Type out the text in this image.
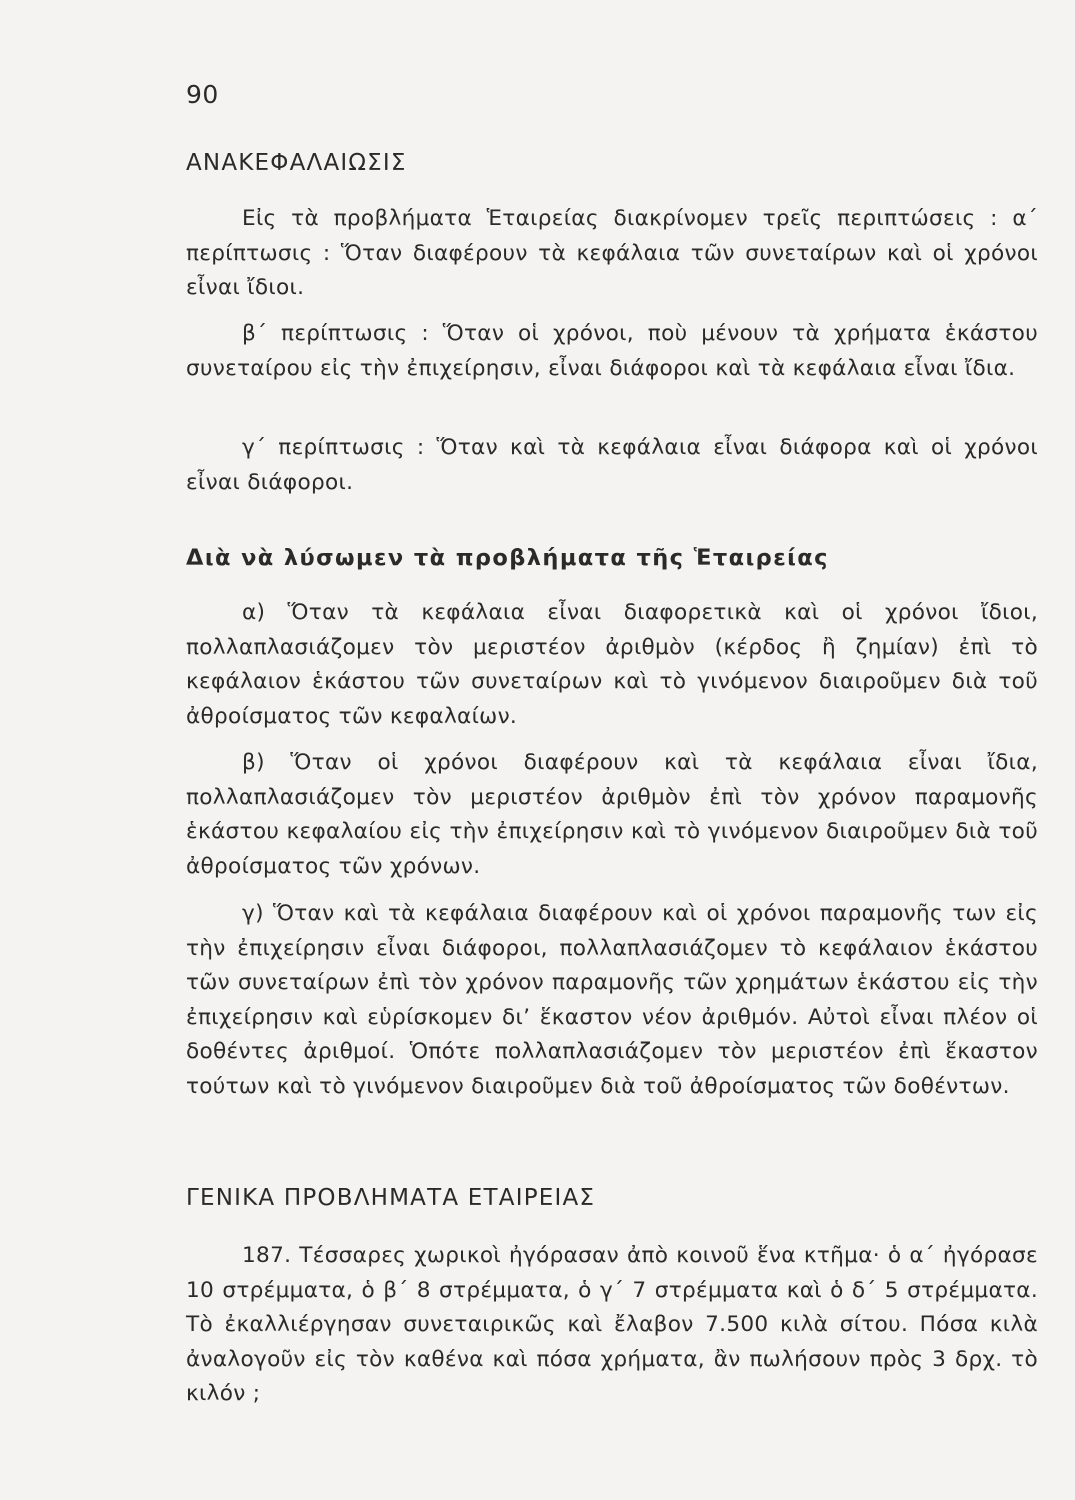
90
ΑΝΑΚΕΦΑΛΑΙΩΣΙΣ

Εἰς τὰ προβλήματα Ἑταιρείας διακρίνομεν τρεῖς περιπτώσεις : α΄ περίπτωσις : Ὅταν διαφέρουν τὰ κεφάλαια τῶν συνεταίρων καὶ οἱ χρόνοι εἶναι ἴδιοι.

β΄ περίπτωσις : Ὅταν οἱ χρόνοι, ποὺ μένουν τὰ χρήματα ἑκάστου συνεταίρου εἰς τὴν ἐπιχείρησιν, εἶναι διάφοροι καὶ τὰ κεφάλαια εἶναι ἴδια.

γ΄ περίπτωσις : Ὅταν καὶ τὰ κεφάλαια εἶναι διάφορα καὶ οἱ χρόνοι εἶναι διάφοροι.

Διὰ νὰ λύσωμεν τὰ προβλήματα τῆς Ἑταιρείας

α) Ὅταν τὰ κεφάλαια εἶναι διαφορετικὰ καὶ οἱ χρόνοι ἴδιοι, πολλαπλασιάζομεν τὸν μεριστέον ἀριθμὸν (κέρδος ἢ ζημίαν) ἐπὶ τὸ κεφάλαιον ἑκάστου τῶν συνεταίρων καὶ τὸ γινόμενον διαιροῦμεν διὰ τοῦ ἀθροίσματος τῶν κεφαλαίων.

β) Ὅταν οἱ χρόνοι διαφέρουν καὶ τὰ κεφάλαια εἶναι ἴδια, πολλαπλασιάζομεν τὸν μεριστέον ἀριθμὸν ἐπὶ τὸν χρόνον παραμονῆς ἑκάστου κεφαλαίου εἰς τὴν ἐπιχείρησιν καὶ τὸ γινόμενον διαιροῦμεν διὰ τοῦ ἀθροίσματος τῶν χρόνων.

γ) Ὅταν καὶ τὰ κεφάλαια διαφέρουν καὶ οἱ χρόνοι παραμονῆς των εἰς τὴν ἐπιχείρησιν εἶναι διάφοροι, πολλαπλασιάζομεν τὸ κεφάλαιον ἑκάστου τῶν συνεταίρων ἐπὶ τὸν χρόνον παραμονῆς τῶν χρημάτων ἑκάστου εἰς τὴν ἐπιχείρησιν καὶ εὑρίσκομεν δι’ ἕκαστον νέον ἀριθμόν. Αὐτοὶ εἶναι πλέον οἱ δοθέντες ἀριθμοί. Ὁπότε πολλαπλασιάζομεν τὸν μεριστέον ἐπὶ ἕκαστον τούτων καὶ τὸ γινόμενον διαιροῦμεν διὰ τοῦ ἀθροίσματος τῶν δοθέντων.

ΓΕΝΙΚΑ ΠΡΟΒΛΗΜΑΤΑ ΕΤΑΙΡΕΙΑΣ

187. Τέσσαρες χωρικοὶ ἠγόρασαν ἀπὸ κοινοῦ ἕνα κτῆμα· ὁ α΄ ἠγόρασε 10 στρέμματα, ὁ β΄ 8 στρέμματα, ὁ γ΄ 7 στρέμματα καὶ ὁ δ΄ 5 στρέμματα. Τὸ ἐκαλλιέργησαν συνεταιρικῶς καὶ ἔλαβον 7.500 κιλὰ σίτου. Πόσα κιλὰ ἀναλογοῦν εἰς τὸν καθένα καὶ πόσα χρήματα, ἂν πωλήσουν πρὸς 3 δρχ. τὸ κιλόν ;
